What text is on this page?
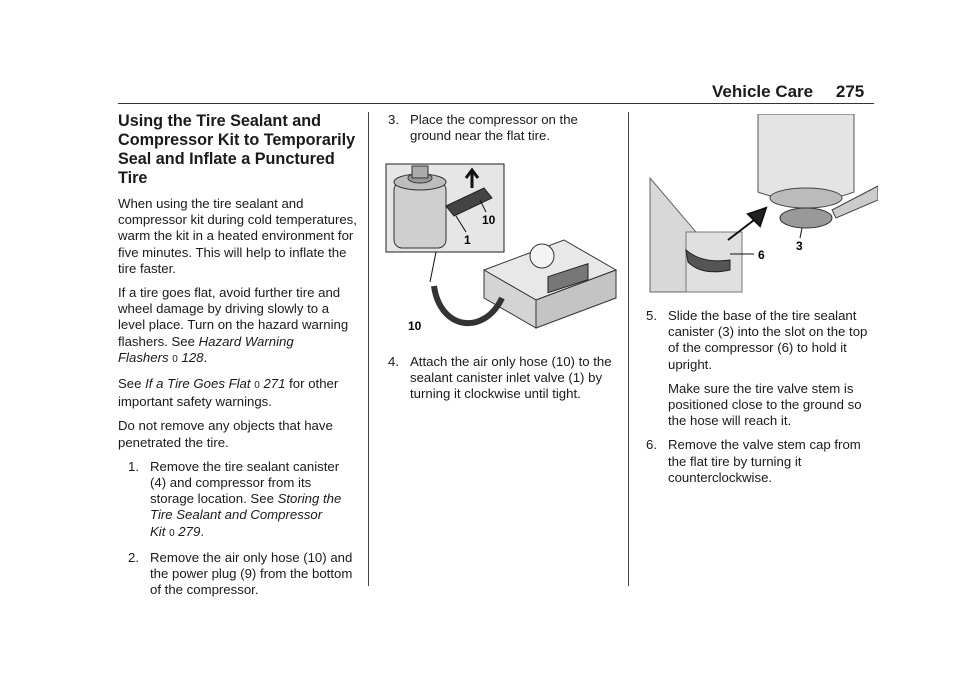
Vehicle Care 275
Using the Tire Sealant and Compressor Kit to Temporarily Seal and Inflate a Punctured Tire

When using the tire sealant and compressor kit during cold temperatures, warm the kit in a heated environment for five minutes. This will help to inflate the tire faster.

If a tire goes flat, avoid further tire and wheel damage by driving slowly to a level place. Turn on the hazard warning flashers. See Hazard Warning Flashers 0 128.

See If a Tire Goes Flat 0 271 for other important safety warnings.

Do not remove any objects that have penetrated the tire.

1. Remove the tire sealant canister (4) and compressor from its storage location. See Storing the Tire Sealant and Compressor Kit 0 279.
2. Remove the air only hose (10) and the power plug (9) from the bottom of the compressor.
3. Place the compressor on the ground near the flat tire.
10
1
10
4. Attach the air only hose (10) to the sealant canister inlet valve (1) by turning it clockwise until tight.
6
3
5. Slide the base of the tire sealant canister (3) into the slot on the top of the compressor (6) to hold it upright.

Make sure the tire valve stem is positioned close to the ground so the hose will reach it.

6. Remove the valve stem cap from the flat tire by turning it counterclockwise.
